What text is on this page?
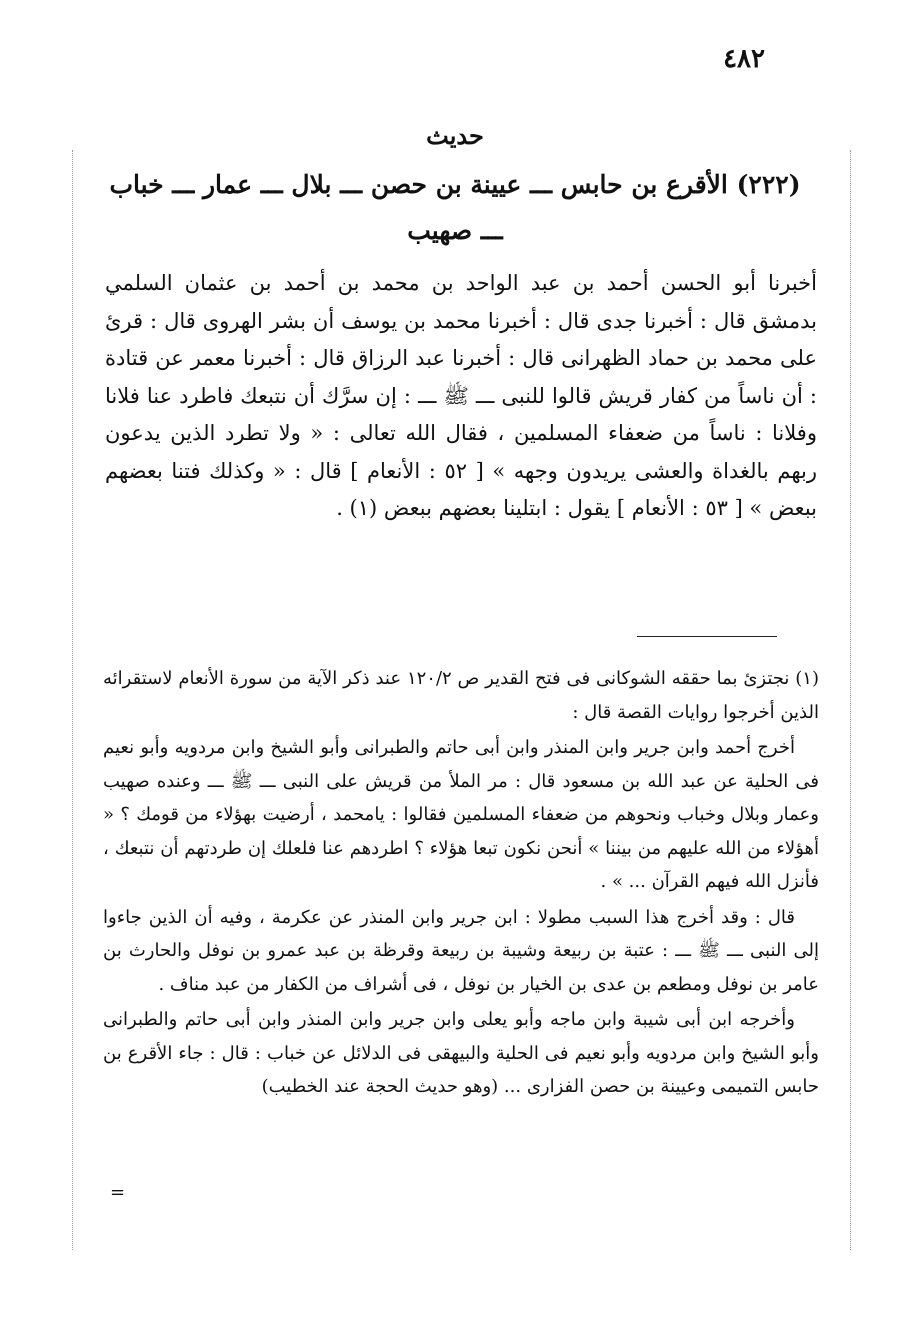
٤٨٢
حديث
(٢٢٢) الأقرع بن حابس ـــ عيينة بن حصن ـــ بلال ـــ عمار ـــ خباب ـــ صهيب

أخبرنا أبو الحسن أحمد بن عبد الواحد بن محمد بن أحمد بن عثمان السلمي بدمشق قال : أخبرنا جدى قال : أخبرنا محمد بن يوسف أن بشر الهروى قال : قرئ على محمد بن حماد الظهرانى قال : أخبرنا عبد الرزاق قال : أخبرنا معمر عن قتادة : أن ناساً من كفار قريش قالوا للنبى ـــ ﷺ ـــ : إن سرَّك أن نتبعك فاطرد عنا فلانا وفلانا : ناساً من ضعفاء المسلمين ، فقال الله تعالى : « ولا تطرد الذين يدعون ربهم بالغداة والعشى يريدون وجهه » [ ٥٢ : الأنعام ] قال : « وكذلك فتنا بعضهم ببعض » [ ٥٣ : الأنعام ] يقول : ابتلينا بعضهم ببعض (١) .

(١) نجتزئ بما حققه الشوكانى فى فتح القدير ص ١٢٠/٢ عند ذكر الآية من سورة الأنعام لاستقرائه الذين أخرجوا روايات القصة قال :

أخرج أحمد وابن جرير وابن المنذر وابن أبى حاتم والطبرانى وأبو الشيخ وابن مردويه وأبو نعيم فى الحلية عن عبد الله بن مسعود قال : مر الملأ من قريش على النبى ـــ ﷺ ـــ وعنده صهيب وعمار وبلال وخباب ونحوهم من ضعفاء المسلمين فقالوا : يامحمد ، أرضيت بهؤلاء من قومك ؟ « أهؤلاء من الله عليهم من بيننا » أنحن نكون تبعا هؤلاء ؟ اطردهم عنا فلعلك إن طردتهم أن نتبعك ، فأنزل الله فيهم القرآن ... » .

قال : وقد أخرج هذا السبب مطولا : ابن جرير وابن المنذر عن عكرمة ، وفيه أن الذين جاءوا إلى النبى ـــ ﷺ ـــ : عتبة بن ربيعة وشيبة بن ربيعة وقرظة بن عبد عمرو بن نوفل والحارث بن عامر بن نوفل ومطعم بن عدى بن الخيار بن نوفل ، فى أشراف من الكفار من عبد مناف .

وأخرجه ابن أبى شيبة وابن ماجه وأبو يعلى وابن جرير وابن المنذر وابن أبى حاتم والطبرانى وأبو الشيخ وابن مردويه وأبو نعيم فى الحلية والبيهقى فى الدلائل عن خباب : قال : جاء الأقرع بن حابس التميمى وعيينة بن حصن الفزارى ... (وهو حديث الحجة عند الخطيب)

=
